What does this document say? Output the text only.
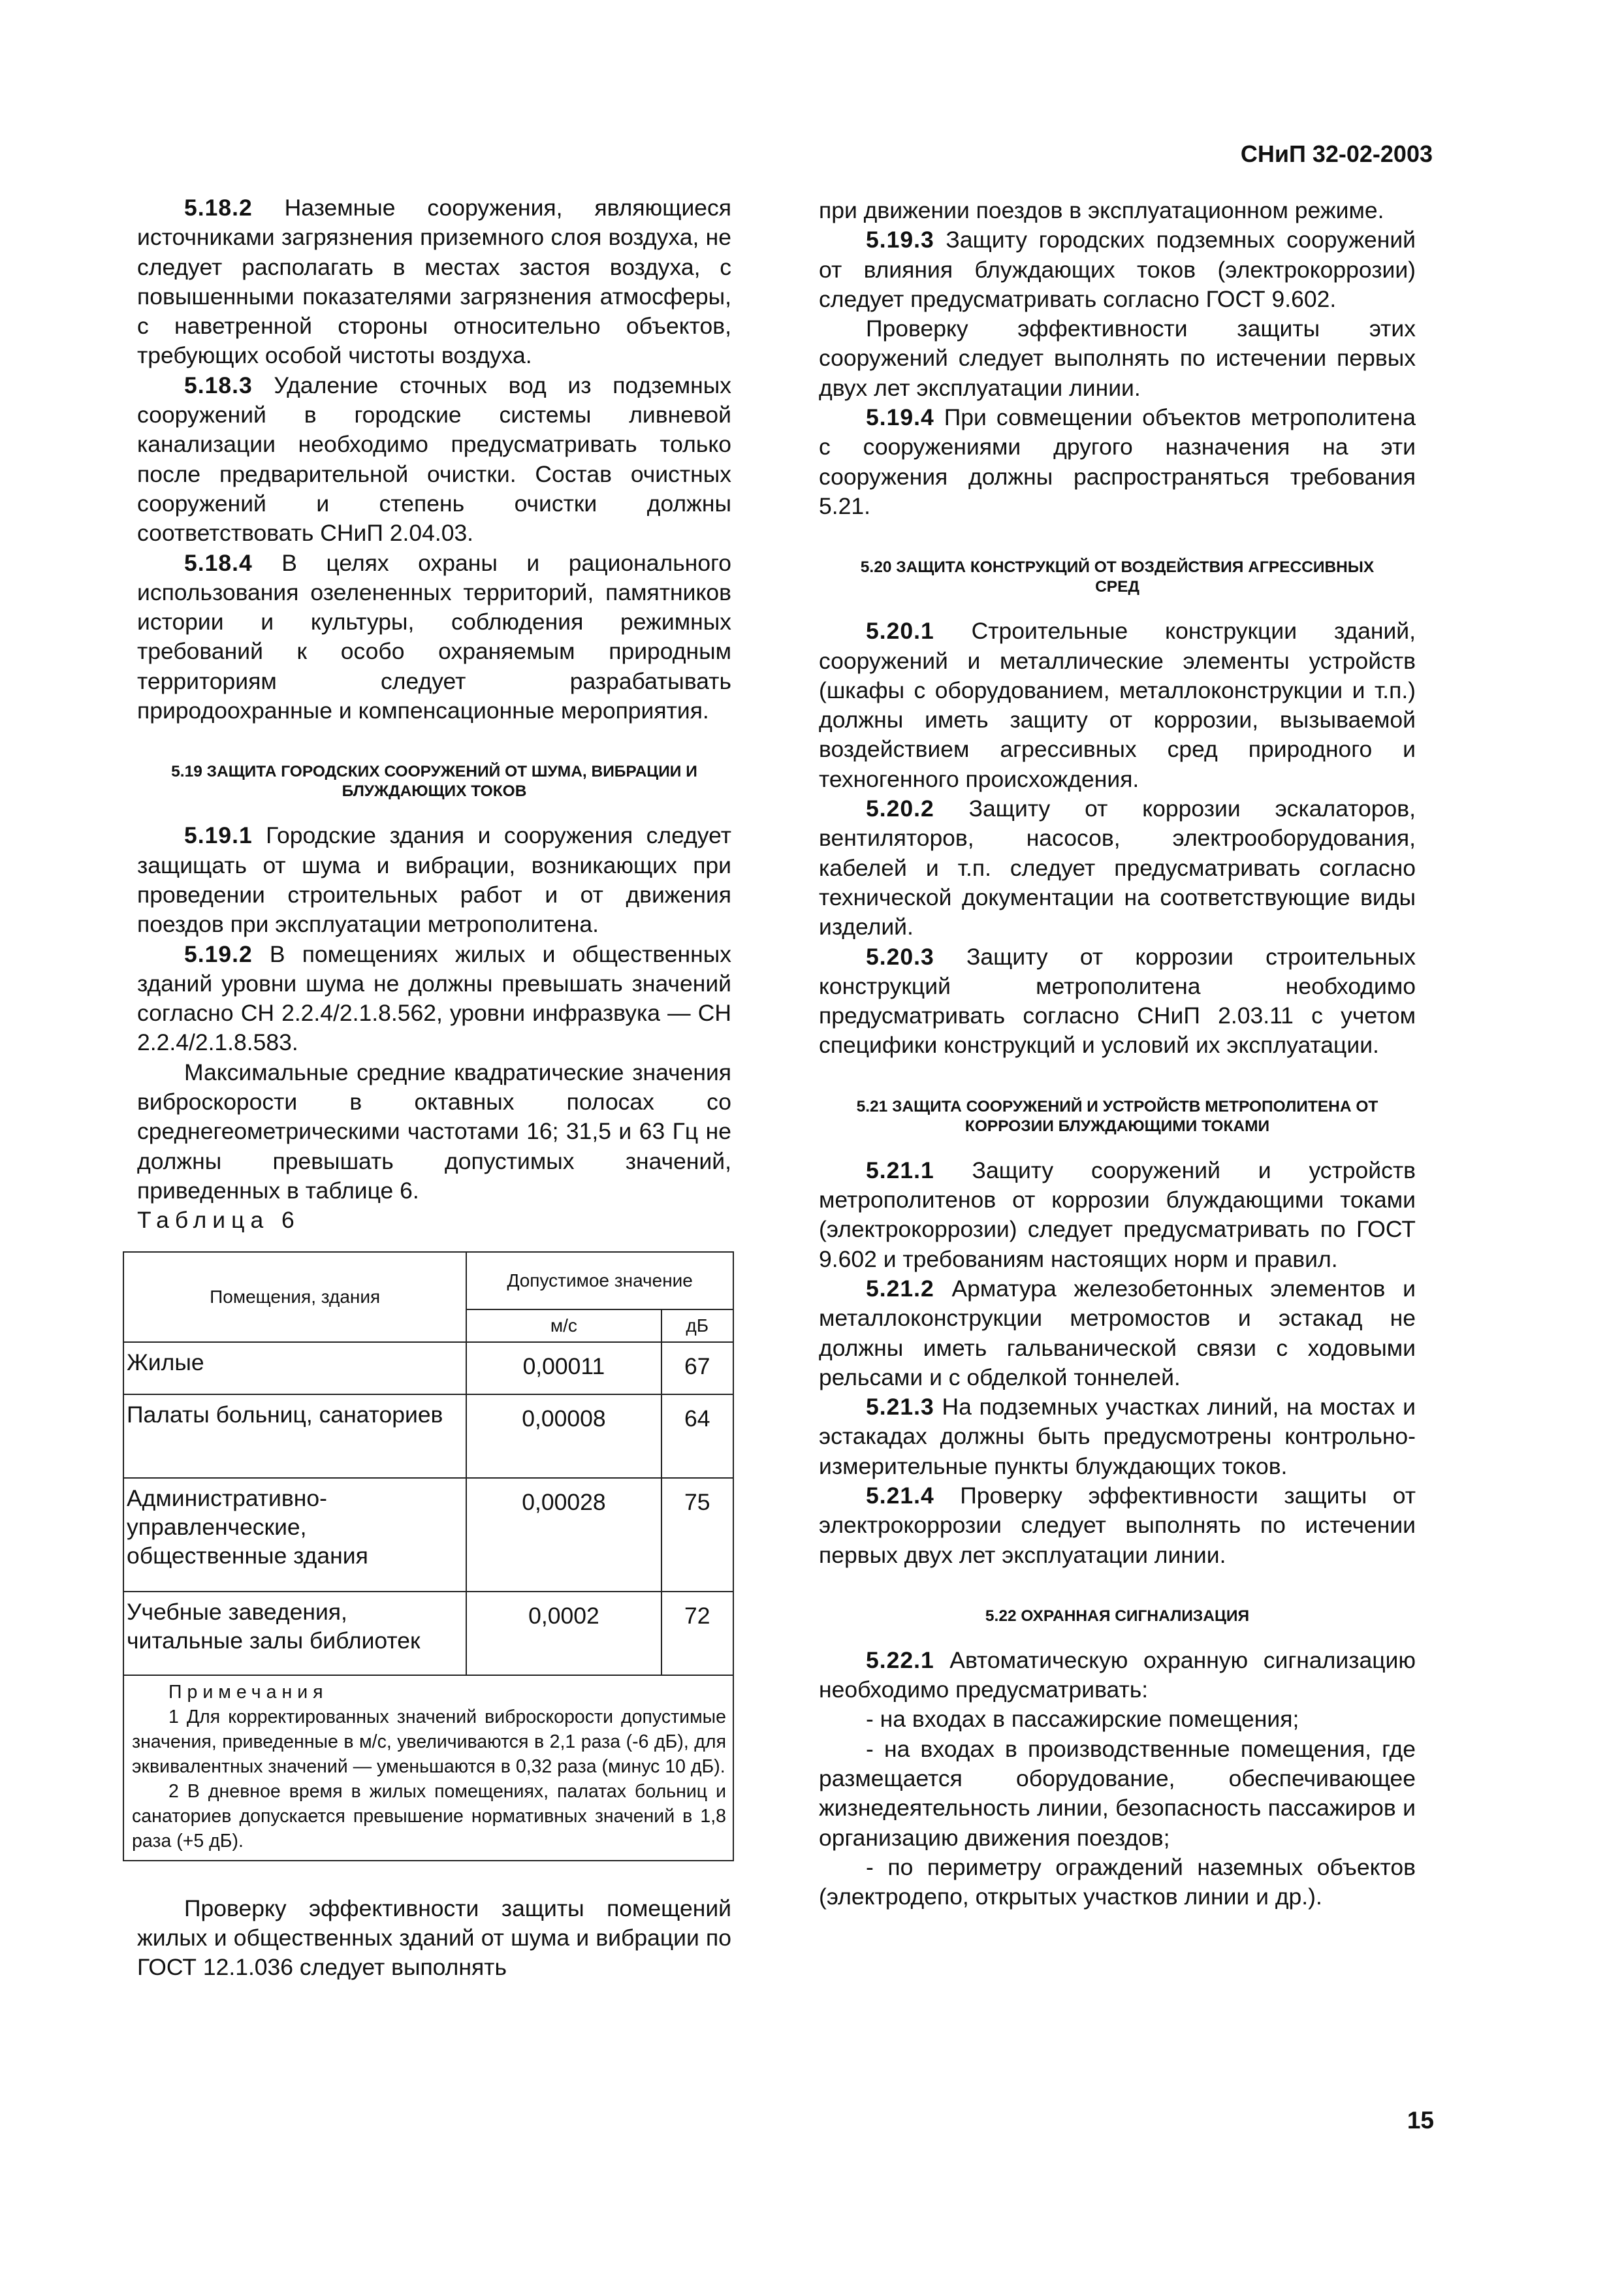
СНиП 32-02-2003

5.18.2 Наземные сооружения, являющиеся источниками загрязнения приземного слоя воздуха, не следует располагать в местах застоя воздуха, с повышенными показателями загрязнения атмосферы, с наветренной стороны относительно объектов, требующих особой чистоты воздуха.

5.18.3 Удаление сточных вод из подземных сооружений в городские системы ливневой канализации необходимо предусматривать только после предварительной очистки. Состав очистных сооружений и степень очистки должны соответствовать СНиП 2.04.03.

5.18.4 В целях охраны и рационального использования озелененных территорий, памятников истории и культуры, соблюдения режимных требований к особо охраняемым природным территориям следует разрабатывать природоохранные и компенсационные мероприятия.

5.19 ЗАЩИТА ГОРОДСКИХ СООРУЖЕНИЙ ОТ ШУМА, ВИБРАЦИИ И БЛУЖДАЮЩИХ ТОКОВ

5.19.1 Городские здания и сооружения следует защищать от шума и вибрации, возникающих при проведении строительных работ и от движения поездов при эксплуатации метрополитена.

5.19.2 В помещениях жилых и общественных зданий уровни шума не должны превышать значений согласно СН 2.2.4/2.1.8.562, уровни инфразвука — СН 2.2.4/2.1.8.583.

Максимальные средние квадратические значения виброскорости в октавных полосах со среднегеометрическими частотами 16; 31,5 и 63 Гц не должны превышать допустимых значений, приведенных в таблице 6.

Таблица 6

Помещения, здания	Допустимое значение	
	м/с	дБ
Жилые	0,00011	67
Палаты больниц, санаториев	0,00008	64
Административно-управленческие, общественные здания	0,00028	75
Учебные заведения, читальные залы библиотек	0,0002	72

Примечания
1 Для корректированных значений виброскорости допустимые значения, приведенные в м/с, увеличиваются в 2,1 раза (-6 дБ), для эквивалентных значений — уменьшаются в 0,32 раза (минус 10 дБ).
2 В дневное время в жилых помещениях, палатах больниц и санаториев допускается превышение нормативных значений в 1,8 раза (+5 дБ).		

Проверку эффективности защиты помещений жилых и общественных зданий от шума и вибрации по ГОСТ 12.1.036 следует выполнять

при движении поездов в эксплуатационном режиме.

5.19.3 Защиту городских подземных сооружений от влияния блуждающих токов (электрокоррозии) следует предусматривать согласно ГОСТ 9.602.

Проверку эффективности защиты этих сооружений следует выполнять по истечении первых двух лет эксплуатации линии.

5.19.4 При совмещении объектов метрополитена с сооружениями другого назначения на эти сооружения должны распространяться требования 5.21.

5.20 ЗАЩИТА КОНСТРУКЦИЙ ОТ ВОЗДЕЙСТВИЯ АГРЕССИВНЫХ СРЕД

5.20.1 Строительные конструкции зданий, сооружений и металлические элементы устройств (шкафы с оборудованием, металлоконструкции и т.п.) должны иметь защиту от коррозии, вызываемой воздействием агрессивных сред природного и техногенного происхождения.

5.20.2 Защиту от коррозии эскалаторов, вентиляторов, насосов, электрооборудования, кабелей и т.п. следует предусматривать согласно технической документации на соответствующие виды изделий.

5.20.3 Защиту от коррозии строительных конструкций метрополитена необходимо предусматривать согласно СНиП 2.03.11 с учетом специфики конструкций и условий их эксплуатации.

5.21 ЗАЩИТА СООРУЖЕНИЙ И УСТРОЙСТВ МЕТРОПОЛИТЕНА ОТ КОРРОЗИИ БЛУЖДАЮЩИМИ ТОКАМИ

5.21.1 Защиту сооружений и устройств метрополитенов от коррозии блуждающими токами (электрокоррозии) следует предусматривать по ГОСТ 9.602 и требованиям настоящих норм и правил.

5.21.2 Арматура железобетонных элементов и металлоконструкции метромостов и эстакад не должны иметь гальванической связи с ходовыми рельсами и с обделкой тоннелей.

5.21.3 На подземных участках линий, на мостах и эстакадах должны быть предусмотрены контрольно-измерительные пункты блуждающих токов.

5.21.4 Проверку эффективности защиты от электрокоррозии следует выполнять по истечении первых двух лет эксплуатации линии.

5.22 ОХРАННАЯ СИГНАЛИЗАЦИЯ

5.22.1 Автоматическую охранную сигнализацию необходимо предусматривать:

- на входах в пассажирские помещения;

- на входах в производственные помещения, где размещается оборудование, обеспечивающее жизнедеятельность линии, безопасность пассажиров и организацию движения поездов;

- по периметру ограждений наземных объектов (электродепо, открытых участков линии и др.).

15
